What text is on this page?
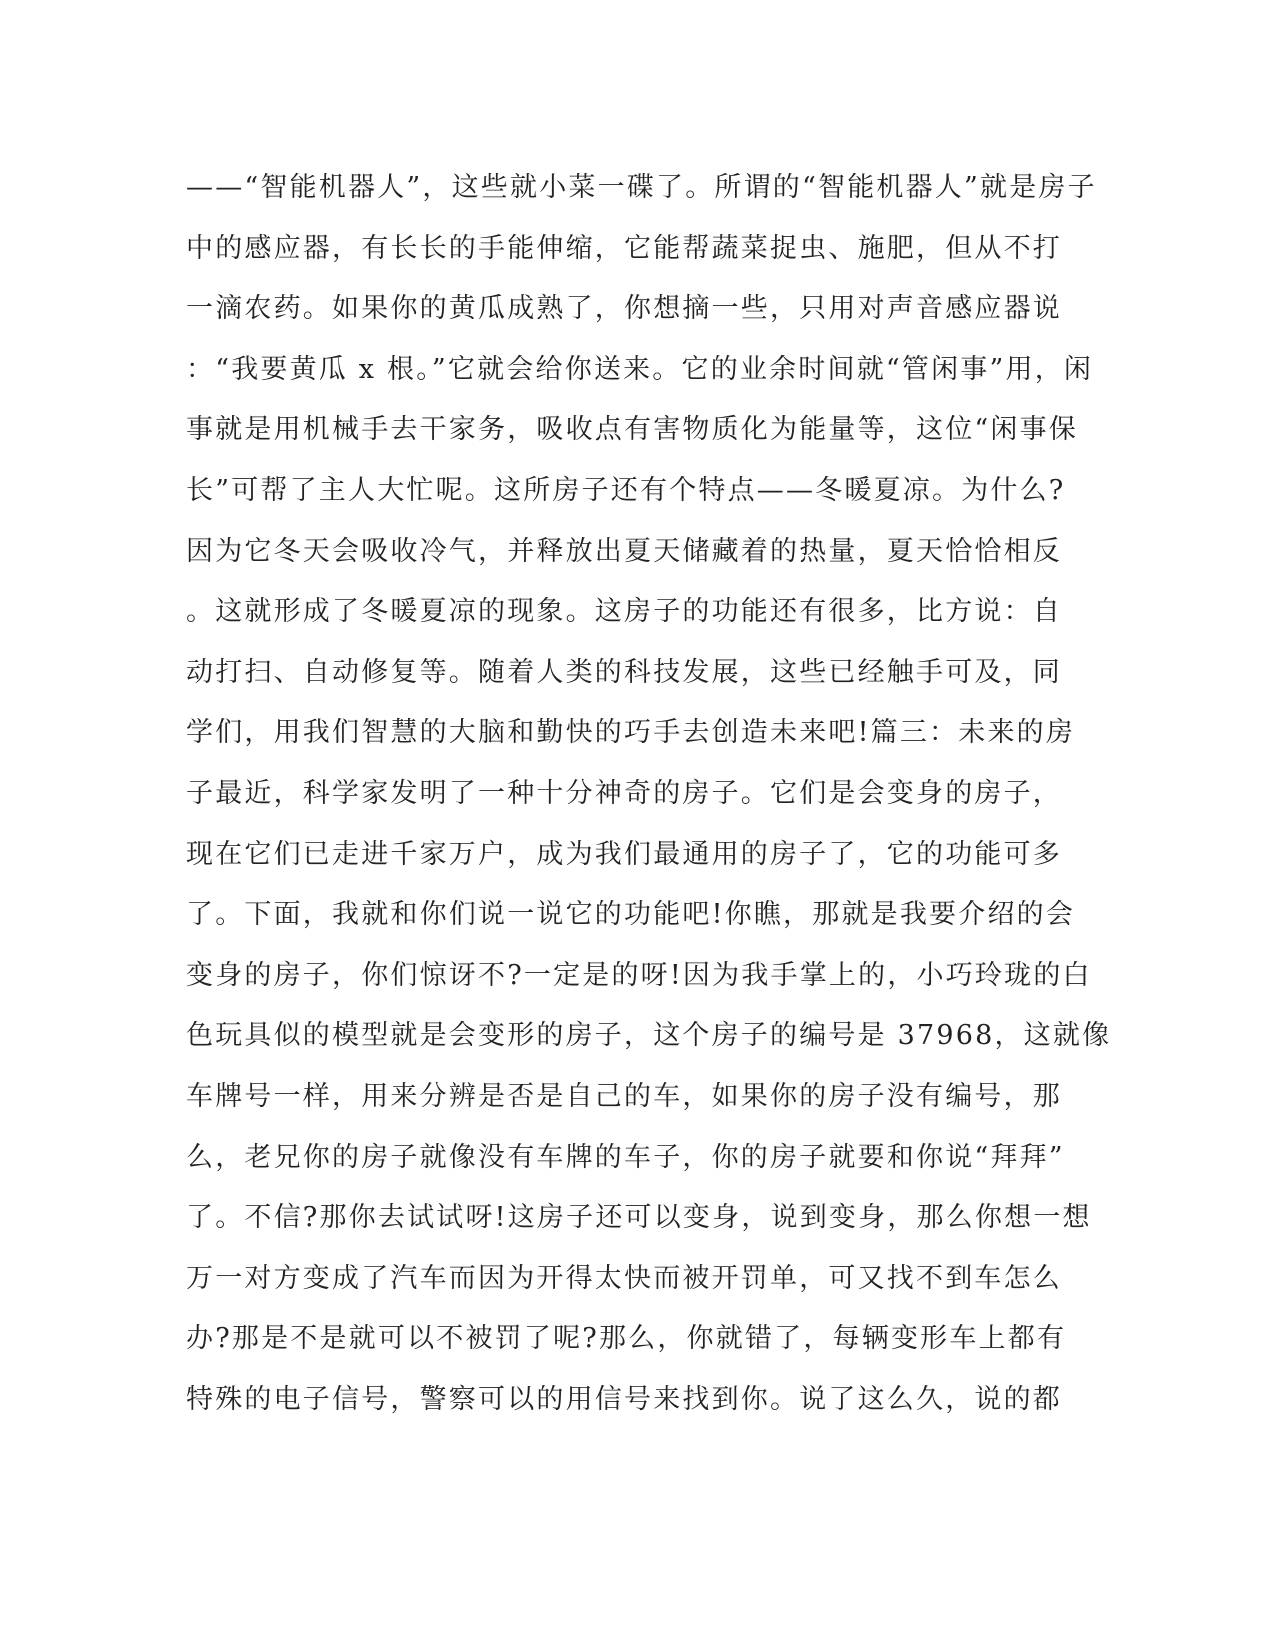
——“智能机器人”，这些就小菜一碟了。所谓的“智能机器人”就是房子
中的感应器，有长长的手能伸缩，它能帮蔬菜捉虫、施肥，但从不打
一滴农药。如果你的黄瓜成熟了，你想摘一些，只用对声音感应器说
：“我要黄瓜 x 根。”它就会给你送来。它的业余时间就“管闲事”用，闲
事就是用机械手去干家务，吸收点有害物质化为能量等，这位“闲事保
长”可帮了主人大忙呢。这所房子还有个特点——冬暖夏凉。为什么?
因为它冬天会吸收冷气，并释放出夏天储藏着的热量，夏天恰恰相反
。这就形成了冬暖夏凉的现象。这房子的功能还有很多，比方说：自
动打扫、自动修复等。随着人类的科技发展，这些已经触手可及，同
学们，用我们智慧的大脑和勤快的巧手去创造未来吧!篇三：未来的房
子最近，科学家发明了一种十分神奇的房子。它们是会变身的房子，
现在它们已走进千家万户，成为我们最通用的房子了，它的功能可多
了。下面，我就和你们说一说它的功能吧!你瞧，那就是我要介绍的会
变身的房子，你们惊讶不?一定是的呀!因为我手掌上的，小巧玲珑的白
色玩具似的模型就是会变形的房子，这个房子的编号是 37968，这就像
车牌号一样，用来分辨是否是自己的车，如果你的房子没有编号，那
么，老兄你的房子就像没有车牌的车子，你的房子就要和你说“拜拜”
了。不信?那你去试试呀!这房子还可以变身，说到变身，那么你想一想
万一对方变成了汽车而因为开得太快而被开罚单，可又找不到车怎么
办?那是不是就可以不被罚了呢?那么，你就错了，每辆变形车上都有
特殊的电子信号，警察可以的用信号来找到你。说了这么久，说的都
